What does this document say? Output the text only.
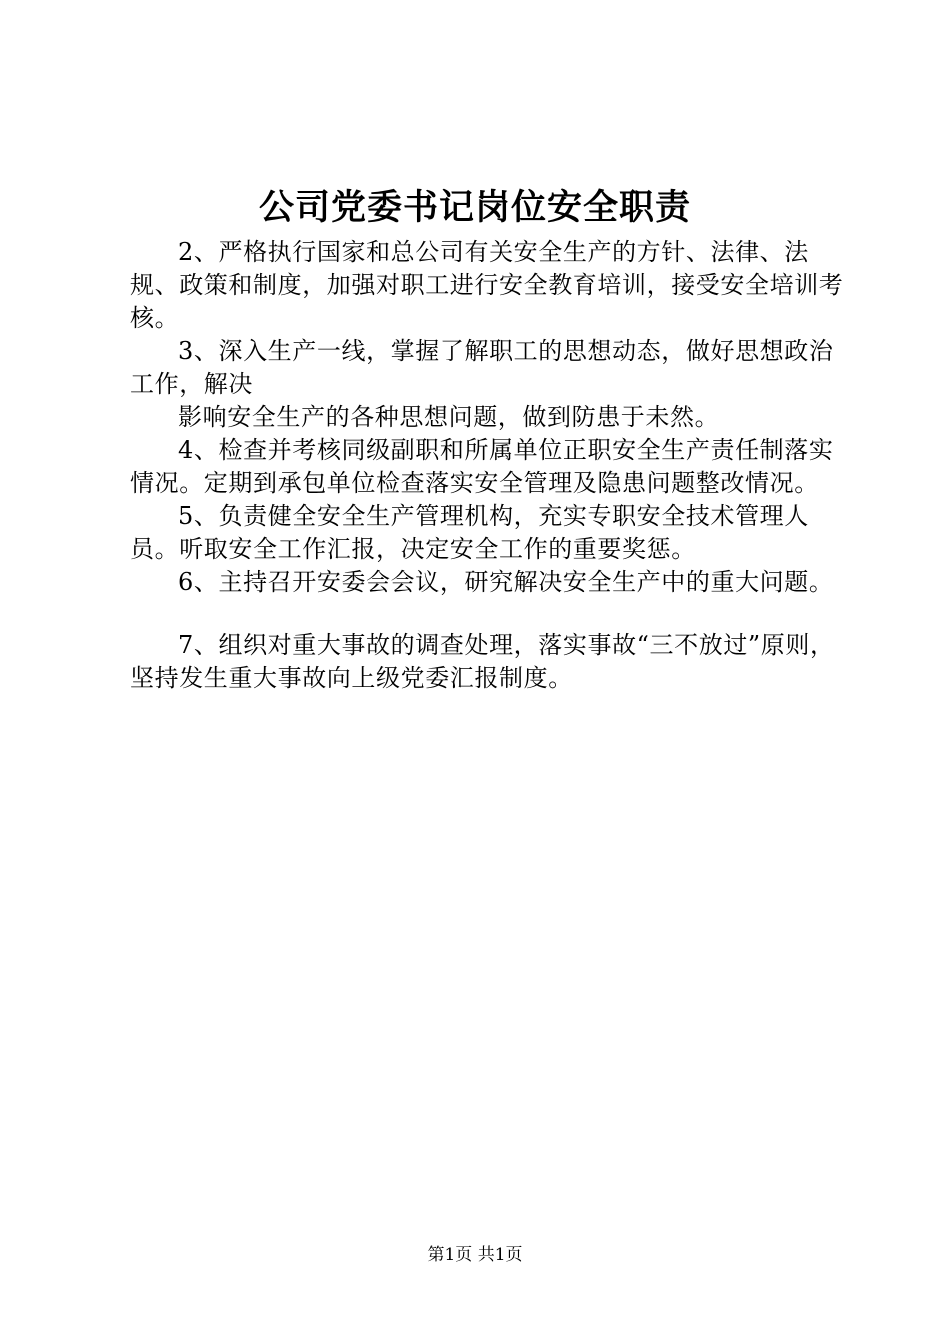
公司党委书记岗位安全职责

2、严格执行国家和总公司有关安全生产的方针、法律、法规、政策和制度，加强对职工进行安全教育培训，接受安全培训考核。

3、深入生产一线，掌握了解职工的思想动态，做好思想政治工作，解决

影响安全生产的各种思想问题，做到防患于未然。

4、检查并考核同级副职和所属单位正职安全生产责任制落实情况。定期到承包单位检查落实安全管理及隐患问题整改情况。

5、负责健全安全生产管理机构，充实专职安全技术管理人员。听取安全工作汇报，决定安全工作的重要奖惩。

6、主持召开安委会会议，研究解决安全生产中的重大问题。

7、组织对重大事故的调查处理，落实事故“三不放过”原则，坚持发生重大事故向上级党委汇报制度。

第1页 共1页
